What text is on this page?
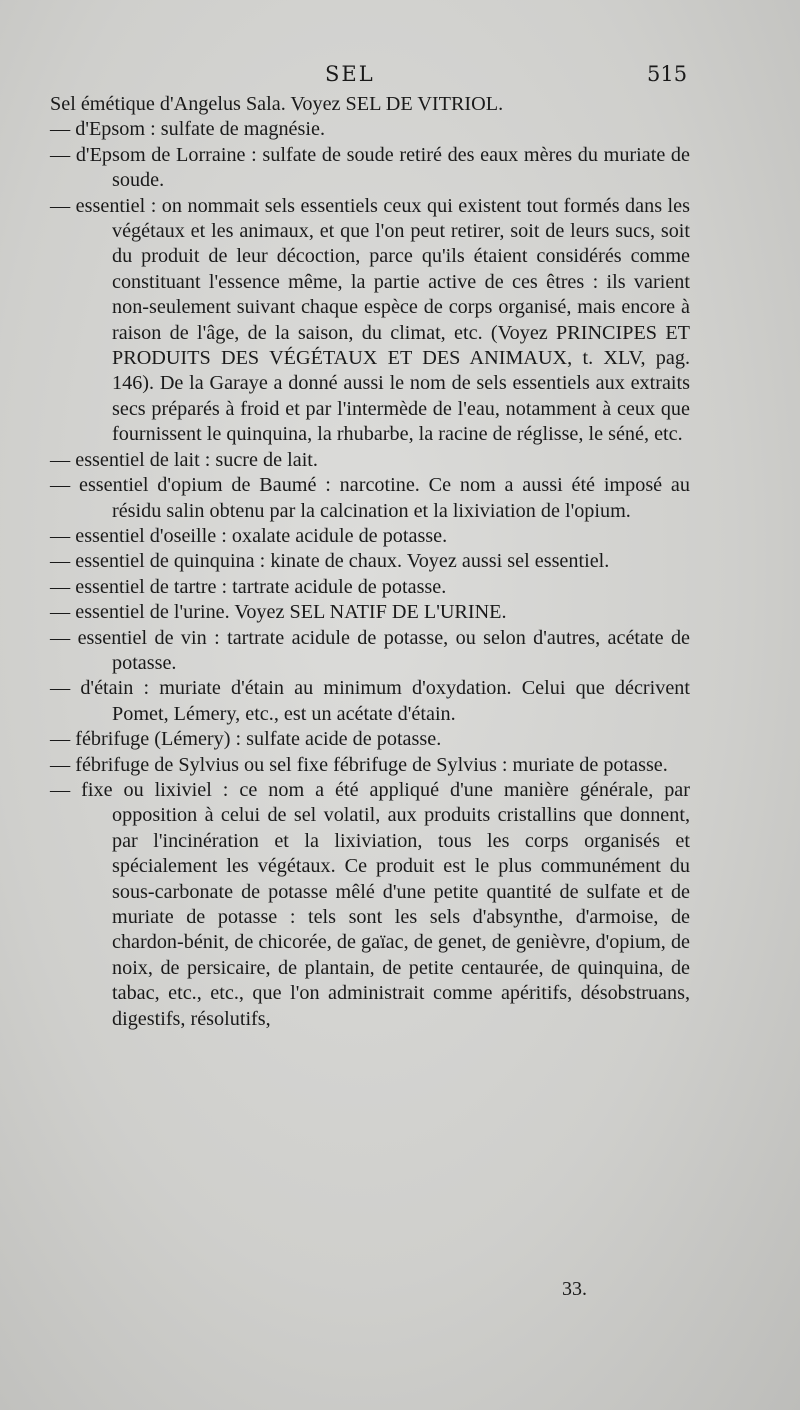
SEL	515

Sel émétique d'Angelus Sala. Voyez SEL DE VITRIOL.

— d'Epsom : sulfate de magnésie.

— d'Epsom de Lorraine : sulfate de soude retiré des eaux mères du muriate de soude.

— essentiel : on nommait sels essentiels ceux qui existent tout formés dans les végétaux et les animaux, et que l'on peut retirer, soit de leurs sucs, soit du produit de leur décoction, parce qu'ils étaient considérés comme constituant l'essence même, la partie active de ces êtres : ils varient non-seulement suivant chaque espèce de corps organisé, mais encore à raison de l'âge, de la saison, du climat, etc. (Voyez PRINCIPES ET PRODUITS DES VÉGÉTAUX ET DES ANIMAUX, t. XLV, pag. 146). De la Garaye a donné aussi le nom de sels essentiels aux extraits secs préparés à froid et par l'intermède de l'eau, notamment à ceux que fournissent le quinquina, la rhubarbe, la racine de réglisse, le séné, etc.

— essentiel de lait : sucre de lait.

— essentiel d'opium de Baumé : narcotine. Ce nom a aussi été imposé au résidu salin obtenu par la calcination et la lixiviation de l'opium.

— essentiel d'oseille : oxalate acidule de potasse.

— essentiel de quinquina : kinate de chaux. Voyez aussi sel essentiel.

— essentiel de tartre : tartrate acidule de potasse.

— essentiel de l'urine. Voyez SEL NATIF DE L'URINE.

— essentiel de vin : tartrate acidule de potasse, ou selon d'autres, acétate de potasse.

— d'étain : muriate d'étain au minimum d'oxydation. Celui que décrivent Pomet, Lémery, etc., est un acétate d'étain.

— fébrifuge (Lémery) : sulfate acide de potasse.

— fébrifuge de Sylvius ou sel fixe fébrifuge de Sylvius : muriate de potasse.

— fixe ou lixiviel : ce nom a été appliqué d'une manière générale, par opposition à celui de sel volatil, aux produits cristallins que donnent, par l'incinération et la lixiviation, tous les corps organisés et spécialement les végétaux. Ce produit est le plus communément du sous-carbonate de potasse mêlé d'une petite quantité de sulfate et de muriate de potasse : tels sont les sels d'absynthe, d'armoise, de chardon-bénit, de chicorée, de gaïac, de genet, de genièvre, d'opium, de noix, de persicaire, de plantain, de petite centaurée, de quinquina, de tabac, etc., etc., que l'on administrait comme apéritifs, désobstruans, digestifs, résolutifs,

33.
